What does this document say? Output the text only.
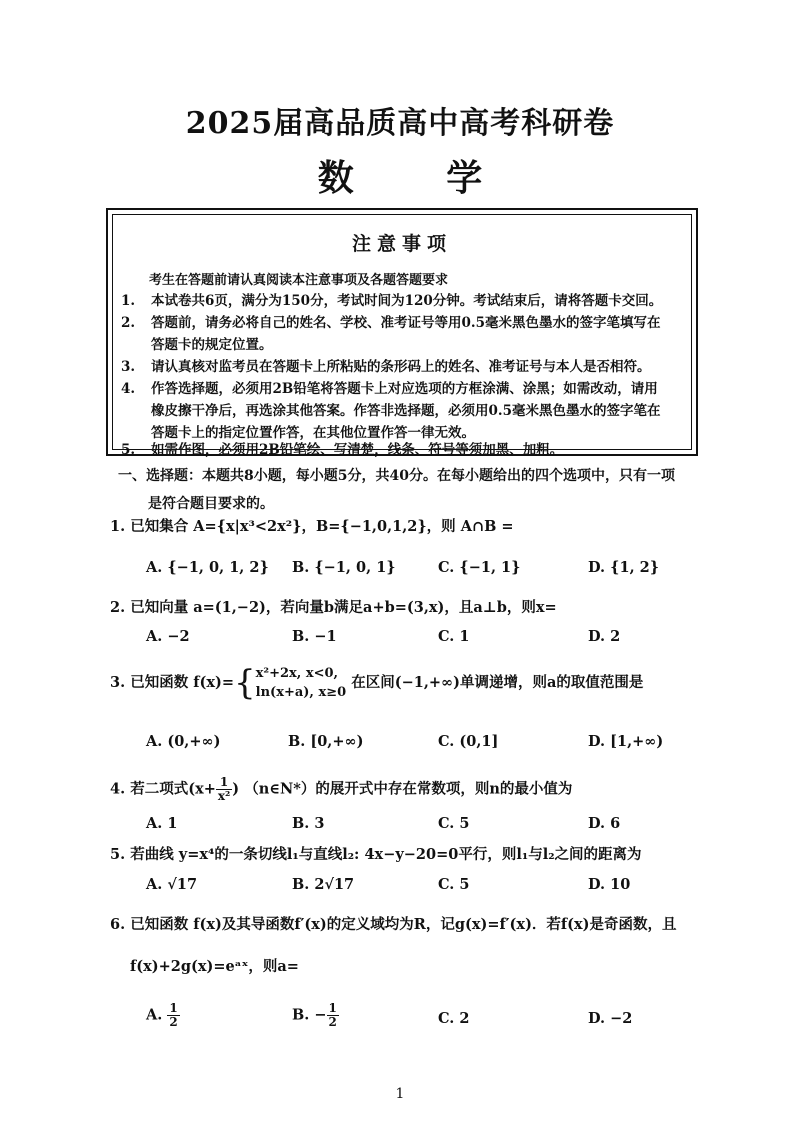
2025届高品质高中高考科研卷
数 学
注意事项
考生在答题前请认真阅读本注意事项及各题答题要求
1. 本试卷共6页，满分为150分，考试时间为120分钟。考试结束后，请将答题卡交回。
2. 答题前，请务必将自己的姓名、学校、准考证号等用0.5毫米黑色墨水的签字笔填写在
答题卡的规定位置。
3. 请认真核对监考员在答题卡上所粘贴的条形码上的姓名、准考证号与本人是否相符。
4. 作答选择题，必须用2B铅笔将答题卡上对应选项的方框涂满、涂黑；如需改动，请用
橡皮擦干净后，再选涂其他答案。作答非选择题，必须用0.5毫米黑色墨水的签字笔在
答题卡上的指定位置作答，在其他位置作答一律无效。
5. 如需作图，必须用2B铅笔绘、写清楚，线条、符号等须加黑、加粗。
一、选择题：本题共8小题，每小题5分，共40分。在每小题给出的四个选项中，只有一项
是符合题目要求的。
1. 已知集合 A={x|x³<2x²}，B={−1,0,1,2}，则 A∩B =
A. {−1, 0, 1, 2} B. {−1, 0, 1}	C. {−1, 1}	D. {1, 2}
2. 已知向量 a=(1,−2)，若向量b满足a+b=(3,x)，且a⊥b，则x=
A. −2	B. −1	C. 1	D. 2
3. 已知函数 f(x)={ x²+2x, x<0,
ln(x+a), x≥0
在区间(−1,+∞)单调递增，则a的取值范围是
A. (0,+∞)	B. [0,+∞)	C. (0,1]	D. [1,+∞)
4. 若二项式($x+ \frac{1}{\text{x²}}$ ) （n∈N*）的展开式中存在常数项，则n的最小值为
A. 1	B. 3	C. 5	D. 6
5. 若曲线 y=x⁴的一条切线l₁与直线l₂: 4x−y−20=0平行，则l₁与l₂之间的距离为
A. √17	B. 2√17	C. 5	D. 10
6. 已知函数 f(x)及其导函数f′(x)的定义域均为R，记g(x)=f′(x)．若f(x)是奇函数，且
f(x)+2g(x)=eᵃˣ，则a=
A. $\frac{1}{2}$	B. − $\frac{1}{2}$	C. 2	D. −2
1
